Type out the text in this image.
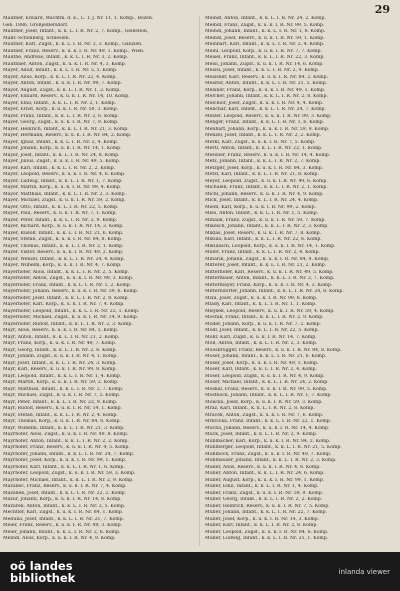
29
Mautner, Eduard, Wachtm. d. E., L. T. J. Nr. 11, 1. Komp., Bozen.
Geb. 1886, Großjedlersdorf.
Mautner, Josef, Infant., k. k. L. I. R. Nr. 2, 7. Komp., Gelbstein,
Mähr.-Schönberg, Schlesien.
Mautner, Karl, Zugsf., k. k. L. I. R. Nr. 2, 3. Komp., Galizien.
Mautner, Franz, Reserv., k. u. k. I. R. Nr. 49, 1. Komp., Wien.
Mauthe, Andreas, Infant., k. k. L. I. R. Nr. 3, 2. Komp.
Mauthner, Anton, Zugsf., k. u. k. I. R. Nr. 4, 3. Komp.
Mayer, Adolf, Infant., k. k. L. I. R. Nr. 5, 5. Komp.
Mayer, Alois, Korp., k. k. L. I. R. Nr. 22, 4. Komp.
Mayer, Anton, Infant., k. u. k. I. R. Nr. 99, 7. Komp.
Mayer, August, Zugsf., k. k. L. I. R. Nr. 1, 2. Komp.
Mayer, Eduard, Reserv., k. u. k. I. R. Nr. 14, 10. Komp.
Mayer, Emil, Infant., k. k. L. I. R. Nr. 2, 1. Komp.
Mayer, Ernst, Korp., k. u. k. I. R. Nr. 59, 3. Komp.
Mayer, Franz, Infant., k. k. L. I. R. Nr. 2, 6. Komp.
Mayer, Georg, Zugsf., k. u. k. I. R. Nr. 7, 9. Komp.
Mayer, Heinrich, Infant., k. k. L. I. R. Nr. 21, 3. Komp.
Mayer, Hermann, Reserv., k. u. k. I. R. Nr. 84, 2. Komp.
Mayer, Ignaz, Infant., k. k. L. I. R. Nr. 2, 4. Komp.
Mayer, Johann, Korp., k. u. k. I. R. Nr. 14, 1. Komp.
Mayer, Josef, Infant., k. k. L. I. R. Nr. 24, 8. Komp.
Mayer, Julius, Zugsf., k. u. k. I. R. Nr. 49, 5. Komp.
Mayer, Karl, Infant., k. k. L. I. R. Nr. 2, 2. Komp.
Mayer, Leopold, Reserv., k. u. k. I. R. Nr. 4, 6. Komp.
Mayer, Ludwig, Infant., k. k. L. I. R. Nr. 1, 7. Komp.
Mayer, Martin, Korp., k. u. k. I. R. Nr. 99, 4. Komp.
Mayer, Matthias, Infant., k. k. L. I. R. Nr. 2, 3. Komp.
Mayer, Michael, Zugsf., k. u. k. I. R. Nr. 59, 2. Komp.
Mayer, Otto, Infant., k. k. L. I. R. Nr. 22, 5. Komp.
Mayer, Paul, Reserv., k. u. k. I. R. Nr. 7, 1. Komp.
Mayer, Peter, Infant., k. k. L. I. R. Nr. 2, 9. Komp.
Mayer, Richard, Korp., k. u. k. I. R. Nr. 14, 3. Komp.
Mayer, Rudolf, Infant., k. k. L. I. R. Nr. 21, 6. Komp.
Mayer, Stefan, Zugsf., k. u. k. I. R. Nr. 84, 8. Komp.
Mayer, Thomas, Infant., k. k. L. I. R. Nr. 2, 1. Komp.
Mayer, Viktor, Reserv., k. u. k. I. R. Nr. 49, 2. Komp.
Mayer, Wenzel, Infant., k. k. L. I. R. Nr. 24, 4. Komp.
Mayer, Wilhelm, Korp., k. u. k. I. R. Nr. 4, 7. Komp.
Mayerhofer, Alois, Infant., k. k. L. I. R. Nr. 2, 5. Komp.
Mayerhofer, Anton, Zugsf., k. u. k. I. R. Nr. 99, 3. Komp.
Mayerhofer, Franz, Infant., k. k. L. I. R. Nr. 1, 2. Komp.
Mayerhofer, Johann, Reserv., k. u. k. I. R. Nr. 59, 6. Komp.
Mayerhofer, Josef, Infant., k. k. L. I. R. Nr. 2, 8. Komp.
Mayerhofer, Karl, Korp., k. u. k. I. R. Nr. 7, 4. Komp.
Mayerhofer, Leopold, Infant., k. k. L. I. R. Nr. 22, 1. Komp.
Mayerhofer, Michael, Zugsf., k. u. k. I. R. Nr. 14, 9. Komp.
Mayerhofer, Rudolf, Infant., k. k. L. I. R. Nr. 2, 3. Komp.
Mayr, Alois, Reserv., k. u. k. I. R. Nr. 84, 5. Komp.
Mayr, Anton, Infant., k. k. L. I. R. Nr. 21, 2. Komp.
Mayr, Franz, Korp., k. u. k. I. R. Nr. 49, 7. Komp.
Mayr, Georg, Infant., k. k. L. I. R. Nr. 2, 6. Komp.
Mayr, Johann, Zugsf., k. u. k. I. R. Nr. 4, 1. Komp.
Mayr, Josef, Infant., k. k. L. I. R. Nr. 24, 3. Komp.
Mayr, Karl, Reserv., k. u. k. I. R. Nr. 99, 8. Komp.
Mayr, Leopold, Infant., k. k. L. I. R. Nr. 1, 4. Komp.
Mayr, Martin, Korp., k. u. k. I. R. Nr. 59, 2. Komp.
Mayr, Matthias, Infant., k. k. L. I. R. Nr. 2, 7. Komp.
Mayr, Michael, Zugsf., k. u. k. I. R. Nr. 7, 5. Komp.
Mayr, Peter, Infant., k. k. L. I. R. Nr. 22, 9. Komp.
Mayr, Rudolf, Reserv., k. u. k. I. R. Nr. 14, 1. Komp.
Mayr, Stefan, Infant., k. k. L. I. R. Nr. 2, 4. Komp.
Mayr, Thomas, Korp., k. u. k. I. R. Nr. 84, 6. Komp.
Mayr, Wilhelm, Infant., k. k. L. I. R. Nr. 21, 3. Komp.
Mayrhofer, Alois, Zugsf., k. u. k. I. R. Nr. 49, 8. Komp.
Mayrhofer, Anton, Infant., k. k. L. I. R. Nr. 2, 2. Komp.
Mayrhofer, Franz, Reserv., k. u. k. I. R. Nr. 4, 5. Komp.
Mayrhofer, Johann, Infant., k. k. L. I. R. Nr. 24, 7. Komp.
Mayrhofer, Josef, Korp., k. u. k. I. R. Nr. 99, 1. Komp.
Mayrhofer, Karl, Infant., k. k. L. I. R. Nr. 1, 6. Komp.
Mayrhofer, Leopold, Zugsf., k. u. k. I. R. Nr. 59, 3. Komp.
Mayrhofer, Michael, Infant., k. k. L. I. R. Nr. 2, 9. Komp.
Mazanec, Franz, Reserv., k. u. k. I. R. Nr. 7, 4. Komp.
Mazanek, Josef, Infant., k. k. L. I. R. Nr. 22, 2. Komp.
Mazur, Johann, Korp., k. u. k. I. R. Nr. 14, 8. Komp.
Mazurek, Anton, Infant., k. k. L. I. R. Nr. 2, 5. Komp.
Mechtler, Karl, Zugsf., k. u. k. I. R. Nr. 84, 1. Komp.
Meduna, Josef, Infant., k. k. L. I. R. Nr. 21, 7. Komp.
Meier, Franz, Reserv., k. u. k. I. R. Nr. 49, 3. Komp.
Meier, Johann, Infant., k. k. L. I. R. Nr. 2, 6. Komp.
Meindl, Alois, Korp., k. u. k. I. R. Nr. 4, 9. Komp.
Meindl, Anton, Infant., k. k. L. I. R. Nr. 24, 2. Komp.
Meindl, Franz, Zugsf., k. u. k. I. R. Nr. 99, 5. Komp.
Meindl, Johann, Infant., k. k. L. I. R. Nr. 1, 8. Komp.
Meindl, Josef, Reserv., k. u. k. I. R. Nr. 59, 1. Komp.
Meinhart, Karl, Infant., k. k. L. I. R. Nr. 2, 4. Komp.
Meinl, Leopold, Korp., k. u. k. I. R. Nr. 7, 7. Komp.
Meisel, Franz, Infant., k. k. L. I. R. Nr. 22, 3. Komp.
Meisl, Johann, Zugsf., k. u. k. I. R. Nr. 14, 6. Komp.
Meissl, Josef, Infant., k. k. L. I. R. Nr. 2, 9. Komp.
Meissner, Karl, Reserv., k. u. k. I. R. Nr. 84, 2. Komp.
Meister, Anton, Infant., k. k. L. I. R. Nr. 21, 5. Komp.
Meixner, Franz, Korp., k. u. k. I. R. Nr. 49, 1. Komp.
Melcher, Johann, Infant., k. k. L. I. R. Nr. 2, 8. Komp.
Melchior, Josef, Zugsf., k. u. k. I. R. Nr. 4, 4. Komp.
Melichar, Karl, Infant., k. k. L. I. R. Nr. 24, 7. Komp.
Melzer, Leopold, Reserv., k. u. k. I. R. Nr. 99, 3. Komp.
Menger, Franz, Infant., k. k. L. I. R. Nr. 1, 6. Komp.
Menhart, Johann, Korp., k. u. k. I. R. Nr. 59, 9. Komp.
Menzel, Josef, Infant., k. k. L. I. R. Nr. 2, 2. Komp.
Merkl, Karl, Zugsf., k. u. k. I. R. Nr. 7, 5. Komp.
Mertl, Anton, Infant., k. k. L. I. R. Nr. 22, 1. Komp.
Messner, Franz, Reserv., k. u. k. I. R. Nr. 14, 4. Komp.
Metz, Johann, Infant., k. k. L. I. R. Nr. 2, 7. Komp.
Metzger, Josef, Korp., k. u. k. I. R. Nr. 84, 3. Komp.
Metzl, Karl, Infant., k. k. L. I. R. Nr. 21, 8. Komp.
Meyer, Leopold, Zugsf., k. u. k. I. R. Nr. 49, 6. Komp.
Michalek, Franz, Infant., k. k. L. I. R. Nr. 2, 1. Komp.
Michl, Johann, Reserv., k. u. k. I. R. Nr. 4, 9. Komp.
Mick, Josef, Infant., k. k. L. I. R. Nr. 24, 4. Komp.
Miedl, Karl, Korp., k. u. k. I. R. Nr. 99, 2. Komp.
Mies, Anton, Infant., k. k. L. I. R. Nr. 1, 5. Komp.
Mihalik, Franz, Zugsf., k. u. k. I. R. Nr. 59, 7. Komp.
Mikesch, Johann, Infant., k. k. L. I. R. Nr. 2, 3. Komp.
Miklas, Josef, Reserv., k. u. k. I. R. Nr. 7, 8. Komp.
Mikula, Karl, Infant., k. k. L. I. R. Nr. 22, 6. Komp.
Mikulasch, Leopold, Korp., k. u. k. I. R. Nr. 14, 1. Komp.
Miller, Franz, Infant., k. k. L. I. R. Nr. 2, 4. Komp.
Minarik, Johann, Zugsf., k. u. k. I. R. Nr. 84, 9. Komp.
Mitterer, Josef, Infant., k. k. L. I. R. Nr. 21, 2. Komp.
Mitterhofer, Karl, Reserv., k. u. k. I. R. Nr. 49, 5. Komp.
Mittermaier, Anton, Infant., k. k. L. I. R. Nr. 2, 7. Komp.
Mittermayer, Franz, Korp., k. u. k. I. R. Nr. 4, 3. Komp.
Mitterndorfer, Johann, Infant., k. k. L. I. R. Nr. 24, 8. Komp.
Mixa, Josef, Zugsf., k. u. k. I. R. Nr. 99, 6. Komp.
Mlady, Karl, Infant., k. k. L. I. R. Nr. 1, 1. Komp.
Mlejnek, Leopold, Reserv., k. u. k. I. R. Nr. 59, 4. Komp.
Mocnik, Franz, Infant., k. k. L. I. R. Nr. 2, 9. Komp.
Moder, Johann, Korp., k. u. k. I. R. Nr. 7, 2. Komp.
Modl, Josef, Infant., k. k. L. I. R. Nr. 22, 5. Komp.
Mohr, Karl, Zugsf., k. u. k. I. R. Nr. 14, 7. Komp.
Moll, Anton, Infant., k. k. L. I. R. Nr. 2, 3. Komp.
Moosbrugger, Franz, Reserv., k. u. k. I. R. Nr. 84, 8. Komp.
Moser, Johann, Infant., k. k. L. I. R. Nr. 21, 6. Komp.
Moser, Josef, Korp., k. u. k. I. R. Nr. 49, 1. Komp.
Moser, Karl, Infant., k. k. L. I. R. Nr. 2, 4. Komp.
Moser, Leopold, Zugsf., k. u. k. I. R. Nr. 4, 9. Komp.
Moser, Michael, Infant., k. k. L. I. R. Nr. 24, 2. Komp.
Moskal, Franz, Reserv., k. u. k. I. R. Nr. 99, 5. Komp.
Mostböck, Johann, Infant., k. k. L. I. R. Nr. 1, 7. Komp.
Moučka, Josef, Korp., k. u. k. I. R. Nr. 59, 3. Komp.
Mraz, Karl, Infant., k. k. L. I. R. Nr. 2, 8. Komp.
Mraček, Anton, Zugsf., k. u. k. I. R. Nr. 7, 6. Komp.
Mrkvicka, Franz, Infant., k. k. L. I. R. Nr. 22, 1. Komp.
Mucha, Johann, Reserv., k. u. k. I. R. Nr. 14, 4. Komp.
Muck, Josef, Infant., k. k. L. I. R. Nr. 2, 9. Komp.
Mühlbacher, Karl, Korp., k. u. k. I. R. Nr. 84, 2. Komp.
Mühlberger, Leopold, Infant., k. k. L. I. R. Nr. 21, 5. Komp.
Mühlböck, Franz, Zugsf., k. u. k. I. R. Nr. 49, 7. Komp.
Mühlhauser, Johann, Infant., k. k. L. I. R. Nr. 2, 3. Komp.
Müller, Alois, Reserv., k. u. k. I. R. Nr. 4, 8. Komp.
Müller, Anton, Infant., k. k. L. I. R. Nr. 24, 6. Komp.
Müller, August, Korp., k. u. k. I. R. Nr. 99, 1. Komp.
Müller, Emil, Infant., k. k. L. I. R. Nr. 1, 4. Komp.
Müller, Franz, Zugsf., k. u. k. I. R. Nr. 59, 9. Komp.
Müller, Georg, Infant., k. k. L. I. R. Nr. 2, 2. Komp.
Müller, Heinrich, Reserv., k. u. k. I. R. Nr. 7, 5. Komp.
Müller, Johann, Infant., k. k. L. I. R. Nr. 22, 7. Komp.
Müller, Josef, Korp., k. u. k. I. R. Nr. 14, 3. Komp.
Müller, Karl, Infant., k. k. L. I. R. Nr. 2, 8. Komp.
Müller, Leopold, Zugsf., k. u. k. I. R. Nr. 84, 6. Komp.
Müller, Ludwig, Infant., k. k. L. I. R. Nr. 21, 1. Komp.
oö landes
bibliothek	inlanda viewer
